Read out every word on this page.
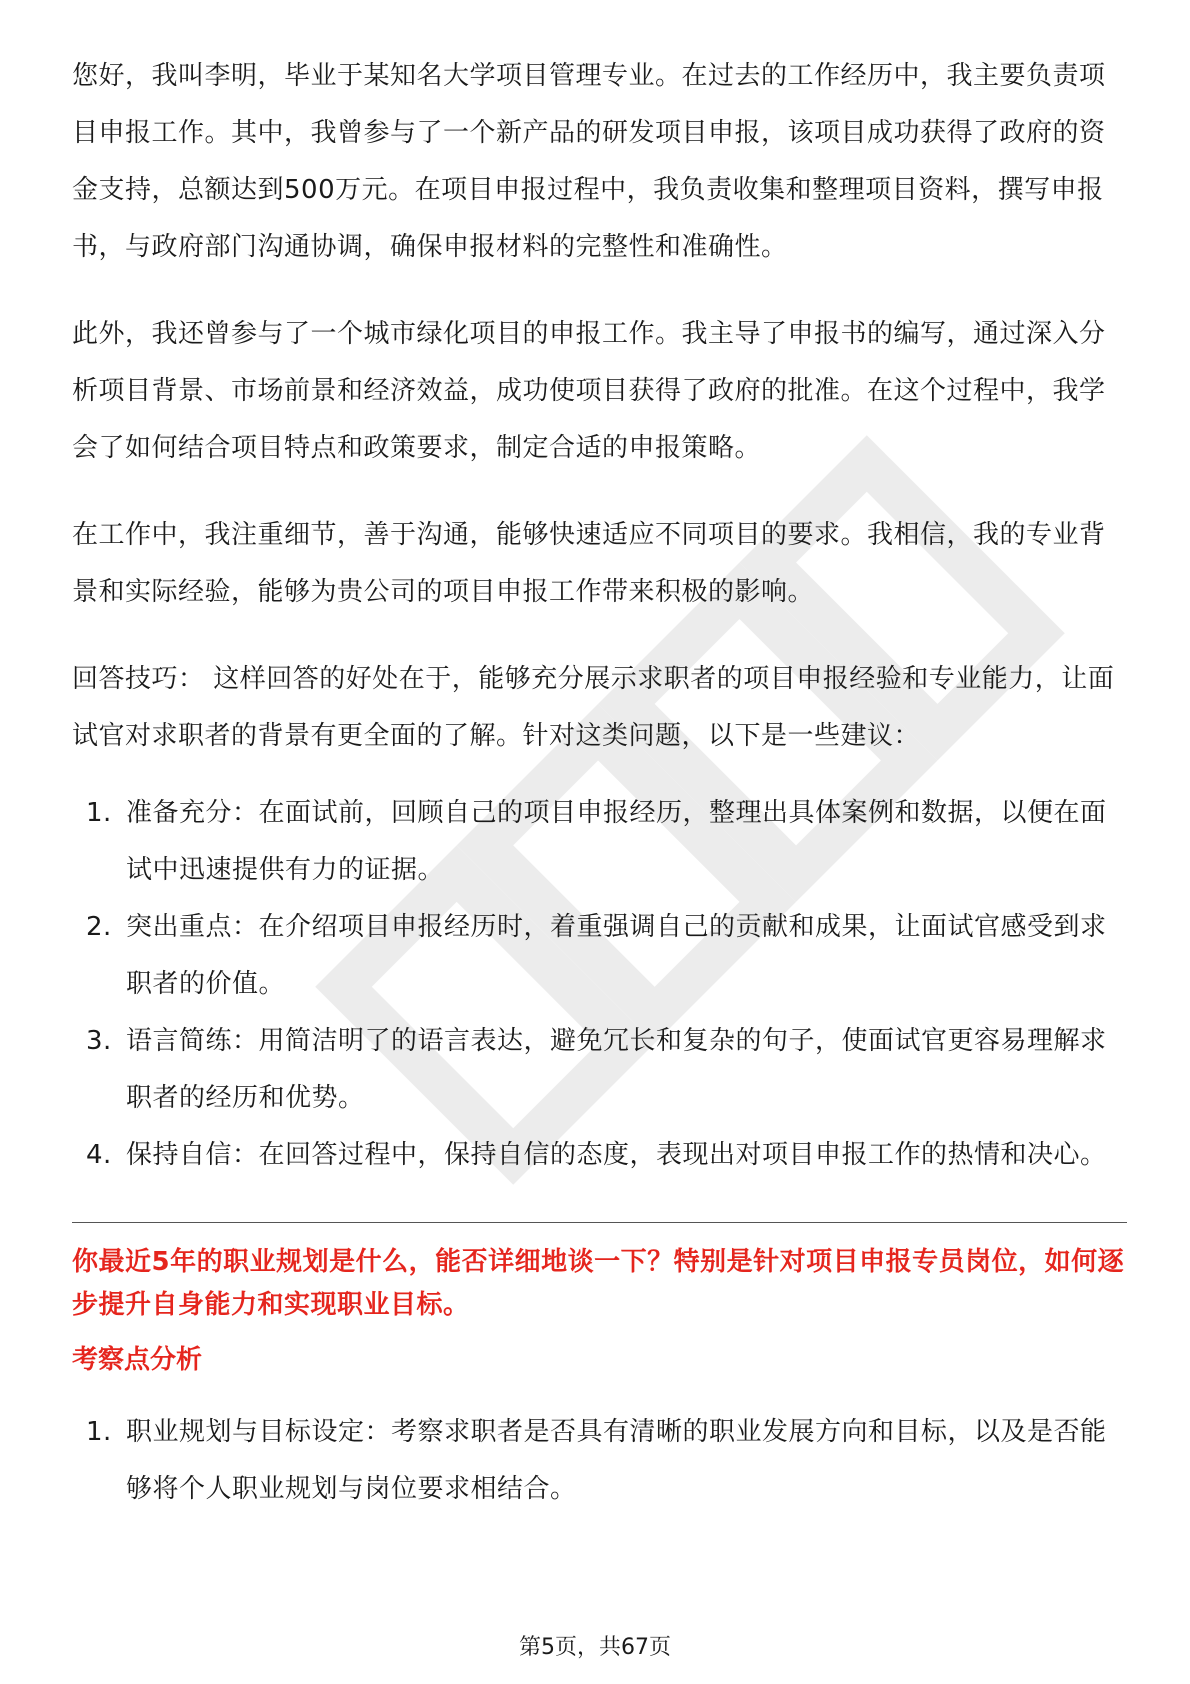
您好，我叫李明，毕业于某知名大学项目管理专业。在过去的工作经历中，我主要负责项目申报工作。其中，我曾参与了一个新产品的研发项目申报，该项目成功获得了政府的资金支持，总额达到500万元。在项目申报过程中，我负责收集和整理项目资料，撰写申报书，与政府部门沟通协调，确保申报材料的完整性和准确性。

此外，我还曾参与了一个城市绿化项目的申报工作。我主导了申报书的编写，通过深入分析项目背景、市场前景和经济效益，成功使项目获得了政府的批准。在这个过程中，我学会了如何结合项目特点和政策要求，制定合适的申报策略。

在工作中，我注重细节，善于沟通，能够快速适应不同项目的要求。我相信，我的专业背景和实际经验，能够为贵公司的项目申报工作带来积极的影响。

回答技巧： 这样回答的好处在于，能够充分展示求职者的项目申报经验和专业能力，让面试官对求职者的背景有更全面的了解。针对这类问题，以下是一些建议：

1. 准备充分：在面试前，回顾自己的项目申报经历，整理出具体案例和数据，以便在面试中迅速提供有力的证据。
2. 突出重点：在介绍项目申报经历时，着重强调自己的贡献和成果，让面试官感受到求职者的价值。
3. 语言简练：用简洁明了的语言表达，避免冗长和复杂的句子，使面试官更容易理解求职者的经历和优势。
4. 保持自信：在回答过程中，保持自信的态度，表现出对项目申报工作的热情和决心。

你最近5年的职业规划是什么，能否详细地谈一下？特别是针对项目申报专员岗位，如何逐步提升自身能力和实现职业目标。

考察点分析

1. 职业规划与目标设定：考察求职者是否具有清晰的职业发展方向和目标，以及是否能够将个人职业规划与岗位要求相结合。
第5页，共67页
